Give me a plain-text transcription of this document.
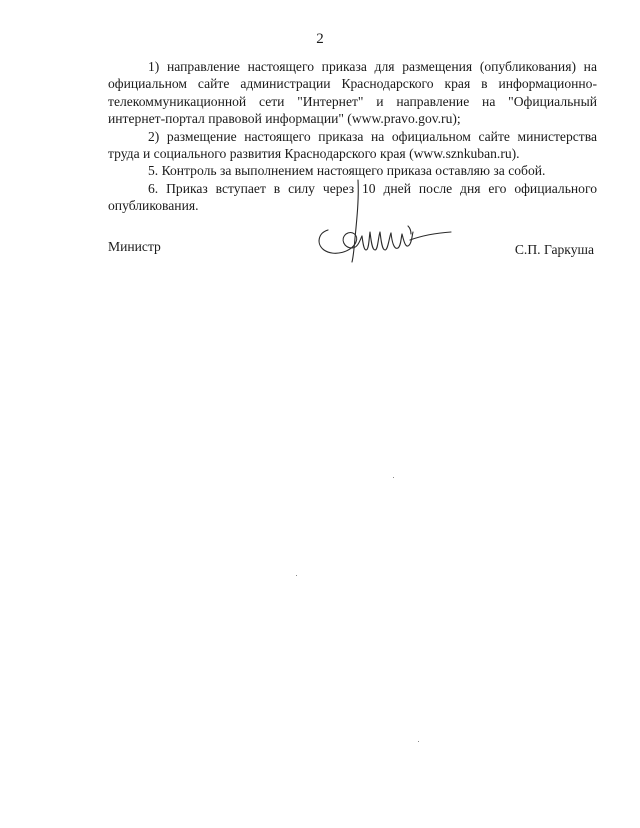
2

1) направление настоящего приказа для размещения (опубликования) на официальном сайте администрации Краснодарского края в информационно-телекоммуникационной сети "Интернет" и направление на "Официальный интернет-портал правовой информации" (www.pravo.gov.ru);

2) размещение настоящего приказа на официальном сайте министерства труда и социального развития Краснодарского края (www.sznkuban.ru).

5. Контроль за выполнением настоящего приказа оставляю за собой.

6. Приказ вступает в силу через 10 дней после дня его официального опубликования.

Министр	С.П. Гаркуша
